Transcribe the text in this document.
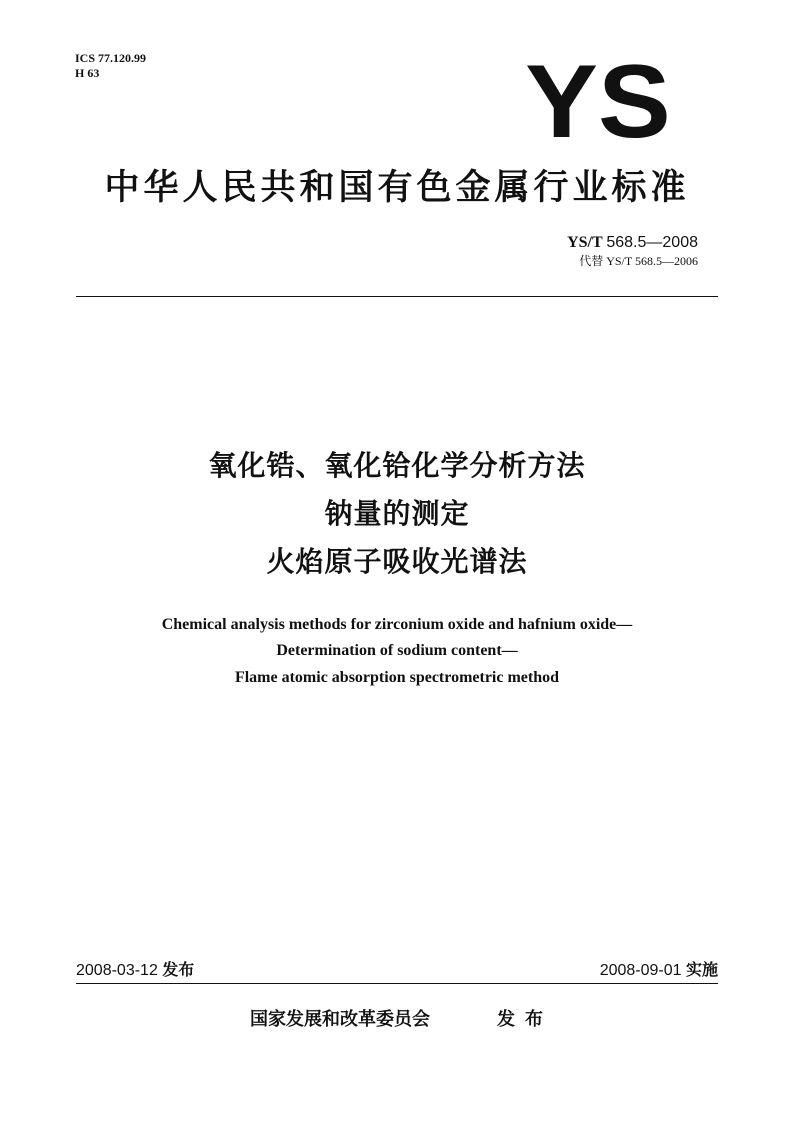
ICS 77.120.99
H 63	YS
中华人民共和国有色金属行业标准
YS/T 568.5—2008
代替 YS/T 568.5—2006
氧化锆、氧化铪化学分析方法
钠量的测定
火焰原子吸收光谱法
Chemical analysis methods for zirconium oxide and hafnium oxide—
Determination of sodium content—
Flame atomic absorption spectrometric method
2008-03-12 发布	2008-09-01 实施
国家发展和改革委员会	发布
